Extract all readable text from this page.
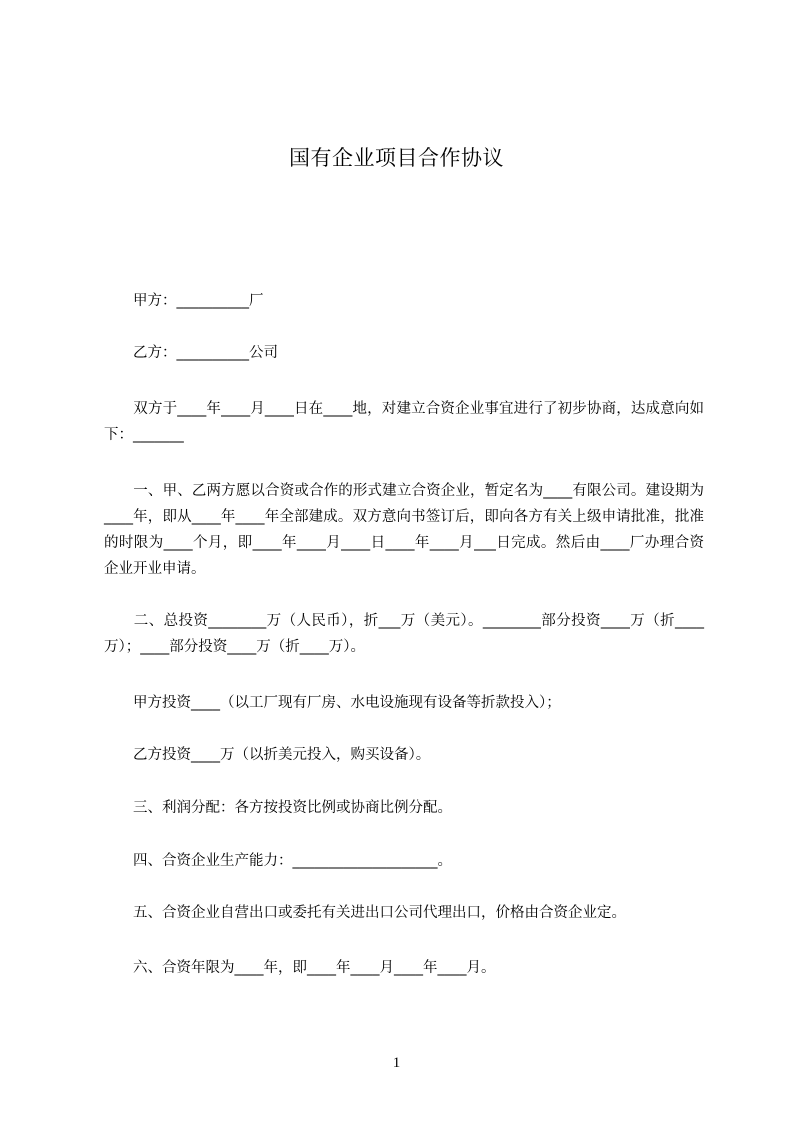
国有企业项目合作协议
　　甲方：__________厂
　　乙方：__________公司
　　双方于____年____月____日在____地，对建立合资企业事宜进行了初步协商，达成意向如下：_______
　　一、甲、乙两方愿以合资或合作的形式建立合资企业，暂定名为____有限公司。建设期为____年，即从____年____年全部建成。双方意向书签订后，即向各方有关上级申请批准，批准的时限为____个月，即____年____月____日____年____月___日完成。然后由____厂办理合资企业开业申请。
　　二、总投资________万（人民币），折___万（美元）。________部分投资____万（折____万）；____部分投资____万（折____万）。
　　甲方投资____（以工厂现有厂房、水电设施现有设备等折款投入）；
　　乙方投资____万（以折美元投入，购买设备）。
　　三、利润分配：各方按投资比例或协商比例分配。
　　四、合资企业生产能力：____________________。
　　五、合资企业自营出口或委托有关进出口公司代理出口，价格由合资企业定。
　　六、合资年限为____年，即____年____月____年____月。
1
